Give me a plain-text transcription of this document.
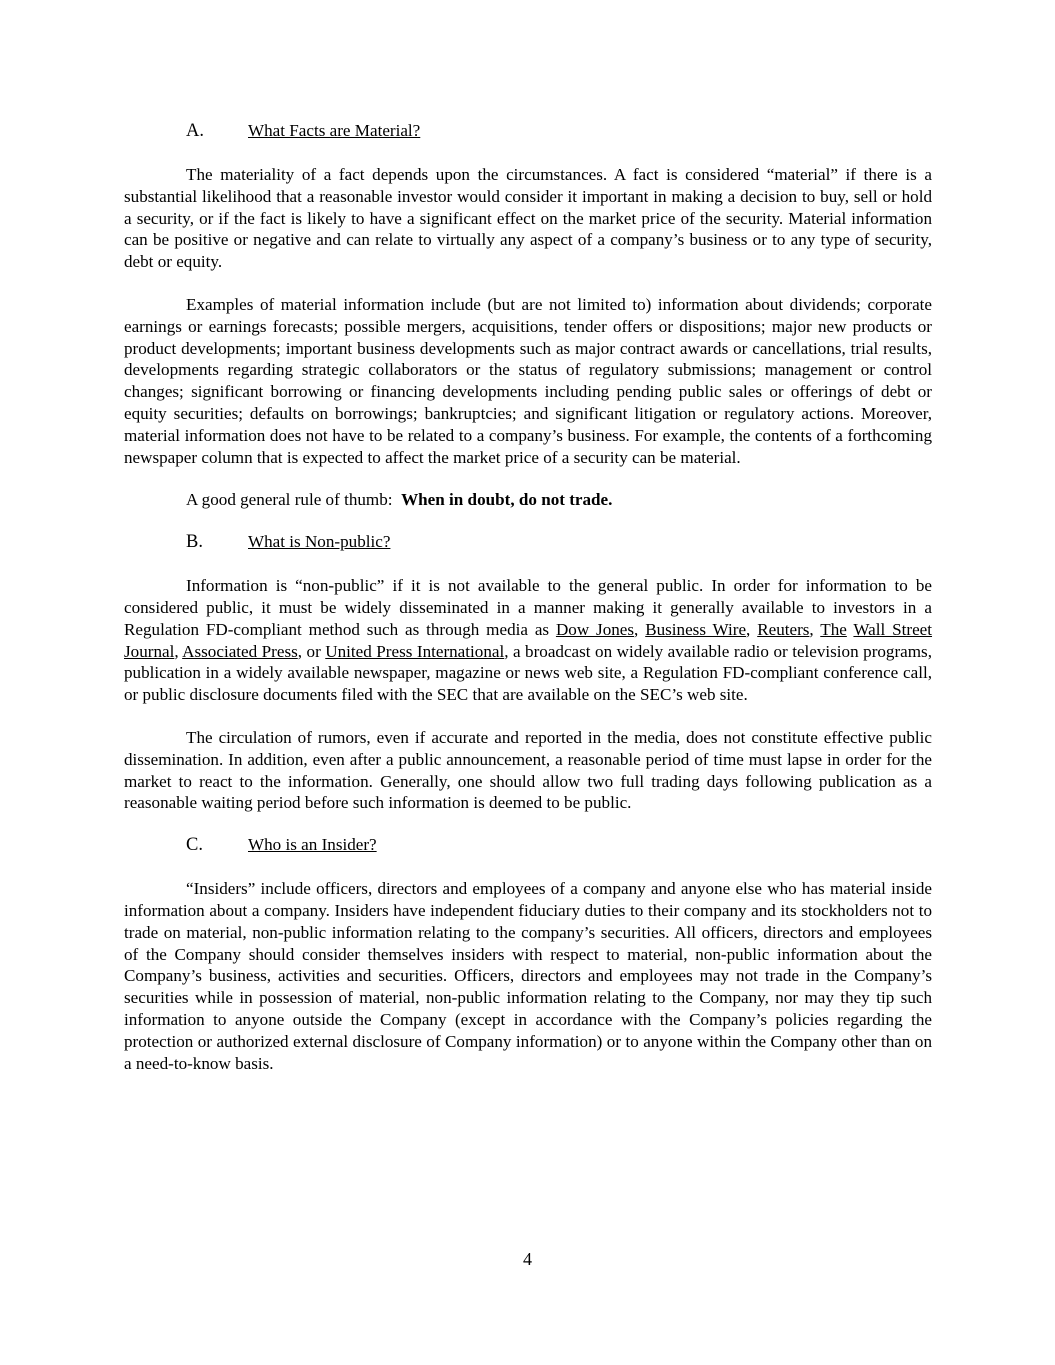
A.	What Facts are Material?

The materiality of a fact depends upon the circumstances. A fact is considered “material” if there is a substantial likelihood that a reasonable investor would consider it important in making a decision to buy, sell or hold a security, or if the fact is likely to have a significant effect on the market price of the security. Material information can be positive or negative and can relate to virtually any aspect of a company’s business or to any type of security, debt or equity.

Examples of material information include (but are not limited to) information about dividends; corporate earnings or earnings forecasts; possible mergers, acquisitions, tender offers or dispositions; major new products or product developments; important business developments such as major contract awards or cancellations, trial results, developments regarding strategic collaborators or the status of regulatory submissions; management or control changes; significant borrowing or financing developments including pending public sales or offerings of debt or equity securities; defaults on borrowings; bankruptcies; and significant litigation or regulatory actions. Moreover, material information does not have to be related to a company’s business. For example, the contents of a forthcoming newspaper column that is expected to affect the market price of a security can be material.

A good general rule of thumb:  When in doubt, do not trade.

B.	What is Non-public?

Information is “non-public” if it is not available to the general public. In order for information to be considered public, it must be widely disseminated in a manner making it generally available to investors in a Regulation FD-compliant method such as through media as Dow Jones, Business Wire, Reuters, The Wall Street Journal, Associated Press, or United Press International, a broadcast on widely available radio or television programs, publication in a widely available newspaper, magazine or news web site, a Regulation FD-compliant conference call, or public disclosure documents filed with the SEC that are available on the SEC’s web site.

The circulation of rumors, even if accurate and reported in the media, does not constitute effective public dissemination. In addition, even after a public announcement, a reasonable period of time must lapse in order for the market to react to the information. Generally, one should allow two full trading days following publication as a reasonable waiting period before such information is deemed to be public.

C.	Who is an Insider?

“Insiders” include officers, directors and employees of a company and anyone else who has material inside information about a company. Insiders have independent fiduciary duties to their company and its stockholders not to trade on material, non-public information relating to the company’s securities. All officers, directors and employees of the Company should consider themselves insiders with respect to material, non-public information about the Company’s business, activities and securities. Officers, directors and employees may not trade in the Company’s securities while in possession of material, non-public information relating to the Company, nor may they tip such information to anyone outside the Company (except in accordance with the Company’s policies regarding the protection or authorized external disclosure of Company information) or to anyone within the Company other than on a need-to-know basis.

4
